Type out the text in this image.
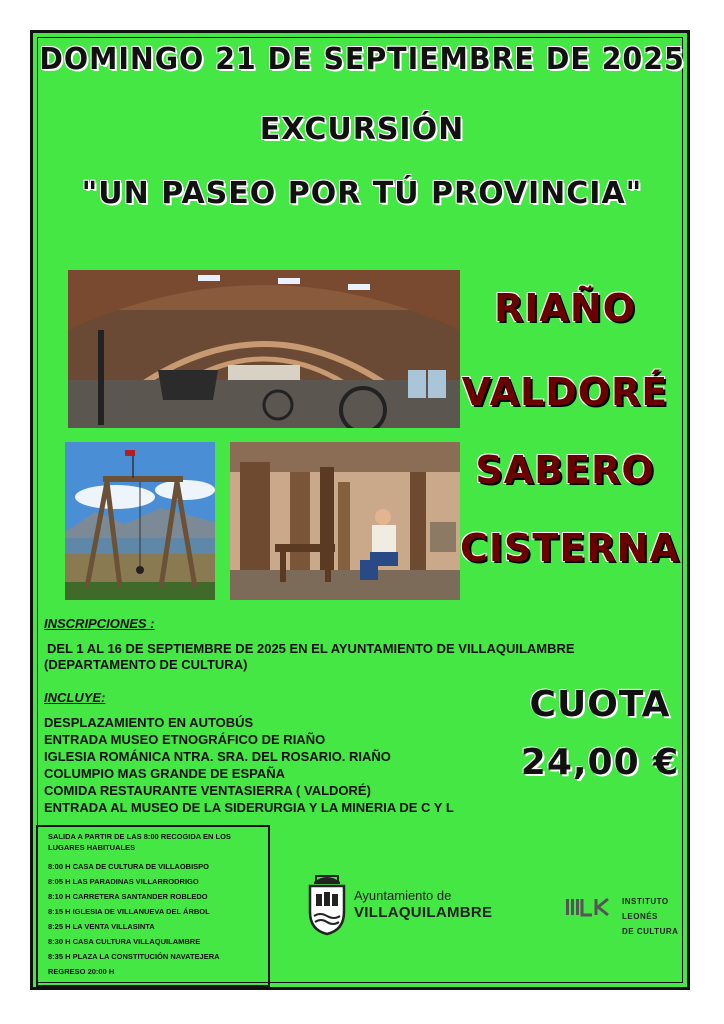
DOMINGO 21 DE SEPTIEMBRE DE 2025
EXCURSIÓN
"UN PASEO POR TÚ PROVINCIA"
RIAÑO
VALDORÉ
SABERO
CISTERNA
INSCRIPCIONES :
DEL 1 AL 16 DE SEPTIEMBRE DE 2025 EN EL AYUNTAMIENTO DE VILLAQUILAMBRE
(DEPARTAMENTO DE CULTURA)
INCLUYE:
DESPLAZAMIENTO EN AUTOBÚS
ENTRADA MUSEO ETNOGRÁFICO DE RIAÑO
IGLESIA ROMÁNICA NTRA. SRA. DEL ROSARIO. RIAÑO
COLUMPIO MAS GRANDE DE ESPAÑA
COMIDA RESTAURANTE VENTASIERRA ( VALDORÉ)
ENTRADA AL MUSEO DE LA SIDERURGIA Y LA MINERIA DE C Y L
CUOTA
24,00 €
SALIDA A PARTIR DE LAS 8:00 RECOGIDA EN LOS LUGARES HABITUALES
8:00 H CASA DE CULTURA DE VILLAOBISPO
8:05 H LAS PARADINAS VILLARRODRIGO
8:10 H CARRETERA SANTANDER ROBLEDO
8:15 H IGLESIA DE VILLANUEVA DEL ÁRBOL
8:25 H LA VENTA VILLASINTA
8:30 H CASA CULTURA VILLAQUILAMBRE
8:35 H PLAZA LA CONSTITUCIÓN NAVATEJERA
REGRESO 20:00 H
Ayuntamiento de
VILLAQUILAMBRE
INSTITUTO
LEONÉS
DE CULTURA
